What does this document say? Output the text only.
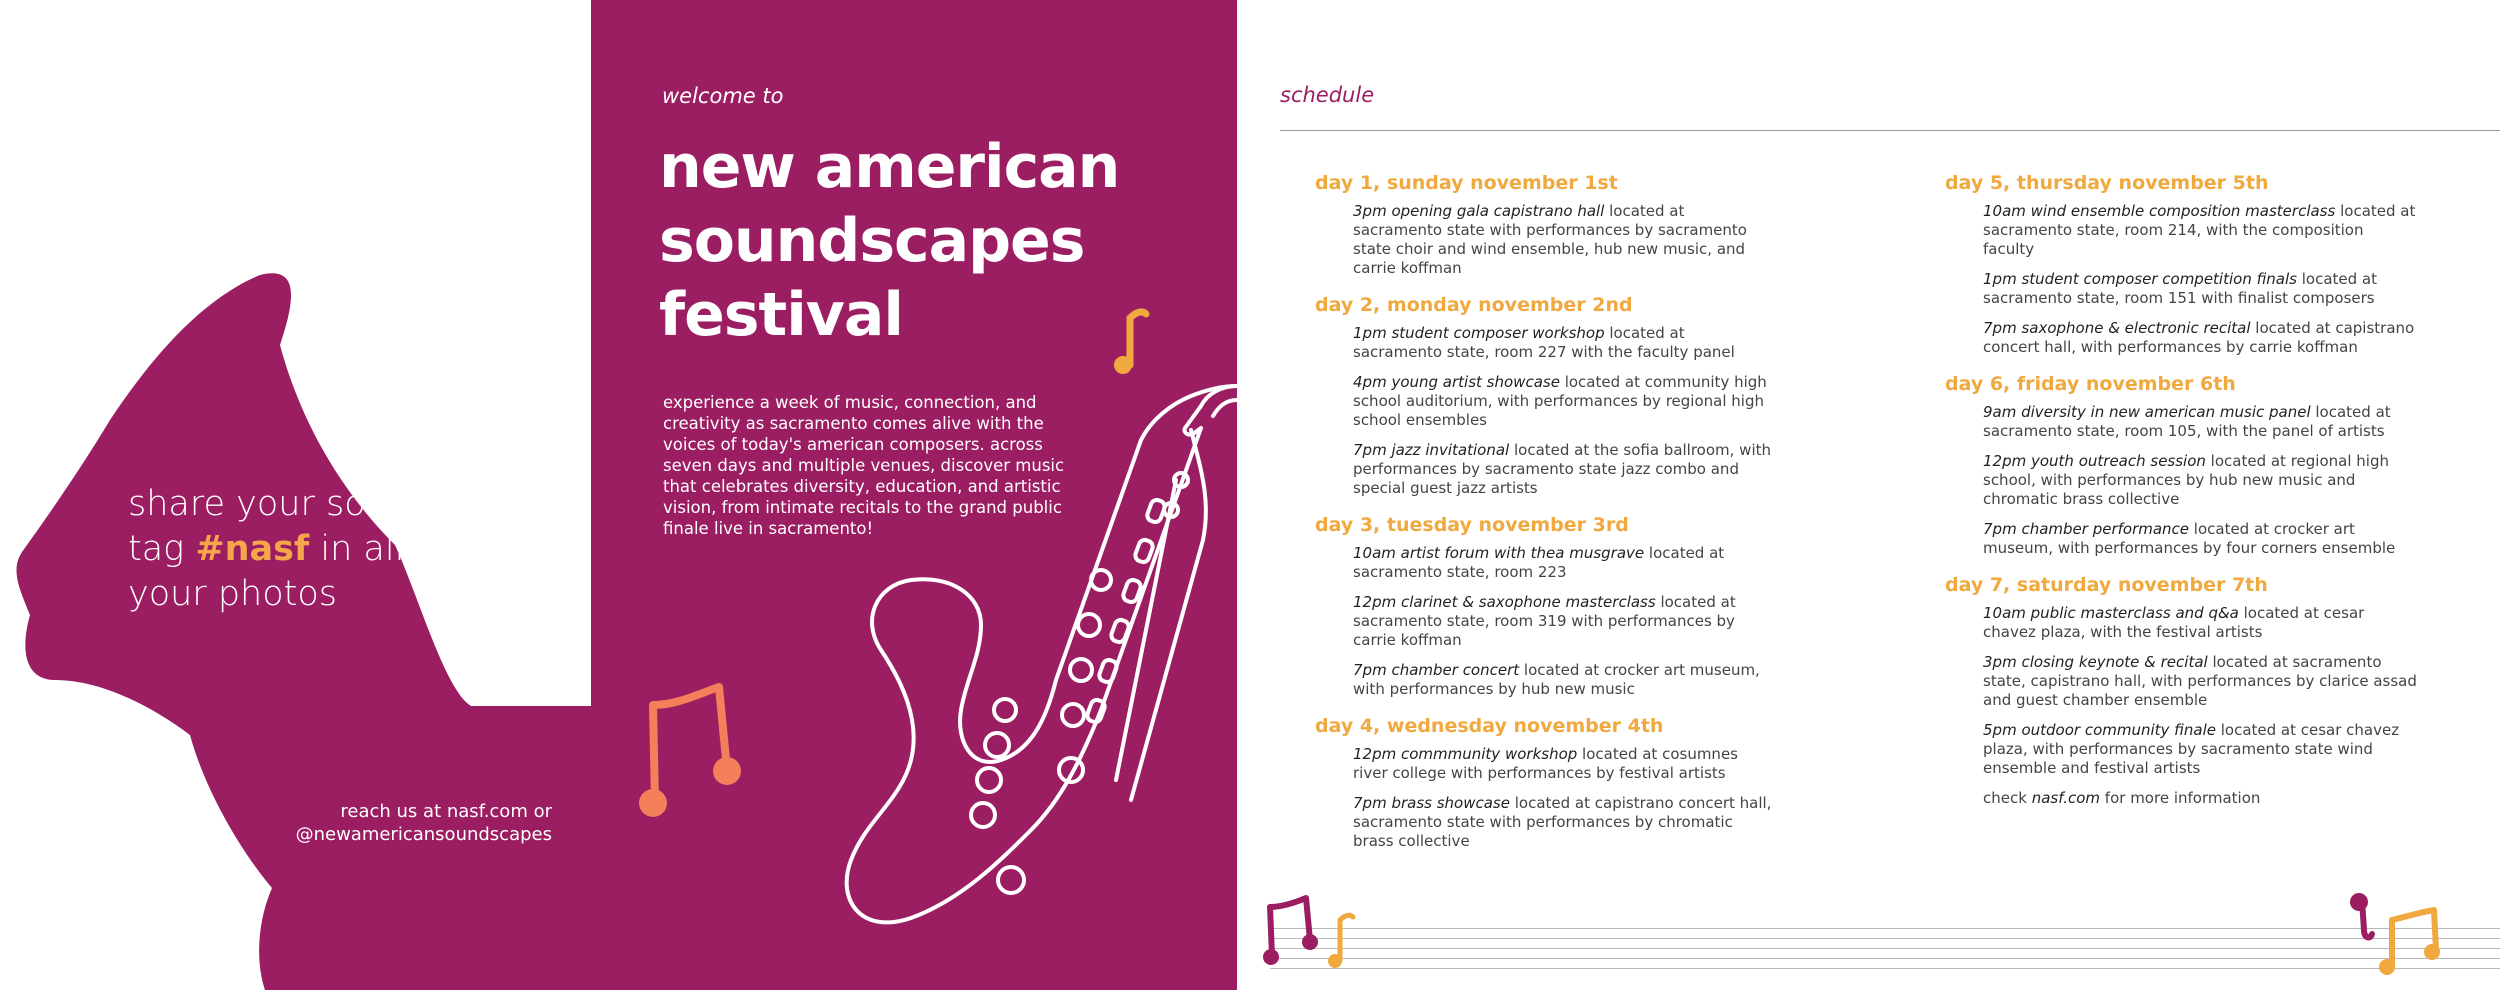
share your sound,
tag #nasf in all
your photos
reach us at nasf.com or
@newamericansoundscapes
welcome to
new american
soundscapes
festival
experience a week of music, connection, and creativity as sacramento comes alive with the voices of today's american composers. across seven days and multiple venues, discover music that celebrates diversity, education, and artistic vision, from intimate recitals to the grand public finale live in sacramento!
schedule
day 1, sunday november 1st
3pm opening gala capistrano hall located at sacramento state with performances by sacramento state choir and wind ensemble, hub new music, and carrie koffman
day 2, monday november 2nd
1pm student composer workshop located at sacramento state, room 227 with the faculty panel
4pm young artist showcase located at community high school auditorium, with performances by regional high school ensembles
7pm jazz invitational located at the sofia ballroom, with performances by sacramento state jazz combo and special guest jazz artists
day 3, tuesday november 3rd
10am artist forum with thea musgrave located at sacramento state, room 223
12pm clarinet & saxophone masterclass located at sacramento state, room 319 with performances by carrie koffman
7pm chamber concert located at crocker art museum, with performances by hub new music
day 4, wednesday november 4th
12pm commmunity workshop located at cosumnes river college with performances by festival artists
7pm brass showcase located at capistrano concert hall, sacramento state with performances by chromatic brass collective
day 5, thursday november 5th
10am wind ensemble composition masterclass located at sacramento state, room 214, with the composition faculty
1pm student composer competition finals located at sacramento state, room 151 with finalist composers
7pm saxophone & electronic recital located at capistrano concert hall, with performances by carrie koffman
day 6, friday november 6th
9am diversity in new american music panel located at sacramento state, room 105, with the panel of artists
12pm youth outreach session located at regional high school, with performances by hub new music and chromatic brass collective
7pm chamber performance located at crocker art museum, with performances by four corners ensemble
day 7, saturday november 7th
10am public masterclass and q&a located at cesar chavez plaza, with the festival artists
3pm closing keynote & recital located at sacramento state, capistrano hall, with performances by clarice assad and guest chamber ensemble
5pm outdoor community finale located at cesar chavez plaza, with performances by sacramento state wind ensemble and festival artists
check nasf.com for more information
